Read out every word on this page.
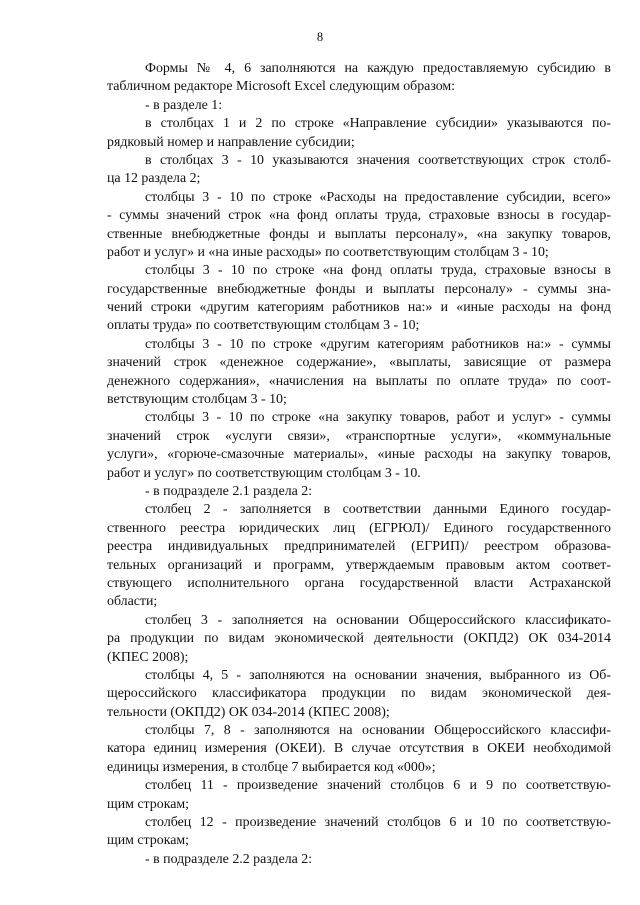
8
Формы № 4, 6 заполняются на каждую предоставляемую субсидию в
табличном редакторе Microsoft Excel следующим образом:
- в разделе 1:
в столбцах 1 и 2 по строке «Направление субсидии» указываются по-
рядковый номер и направление субсидии;
в столбцах 3 - 10 указываются значения соответствующих строк столб-
ца 12 раздела 2;
столбцы 3 - 10 по строке «Расходы на предоставление субсидии, всего»
- суммы значений строк «на фонд оплаты труда, страховые взносы в государ-
ственные внебюджетные фонды и выплаты персоналу», «на закупку товаров,
работ и услуг» и «на иные расходы» по соответствующим столбцам 3 - 10;
столбцы 3 - 10 по строке «на фонд оплаты труда, страховые взносы в
государственные внебюджетные фонды и выплаты персоналу» - суммы зна-
чений строки «другим категориям работников на:» и «иные расходы на фонд
оплаты труда» по соответствующим столбцам 3 - 10;
столбцы 3 - 10 по строке «другим категориям работников на:» - суммы
значений строк «денежное содержание», «выплаты, зависящие от размера
денежного содержания», «начисления на выплаты по оплате труда» по соот-
ветствующим столбцам 3 - 10;
столбцы 3 - 10 по строке «на закупку товаров, работ и услуг» - суммы
значений строк «услуги связи», «транспортные услуги», «коммунальные
услуги», «горюче-смазочные материалы», «иные расходы на закупку товаров,
работ и услуг» по соответствующим столбцам 3 - 10.
- в подразделе 2.1 раздела 2:
столбец 2 - заполняется в соответствии данными Единого государ-
ственного реестра юридических лиц (ЕГРЮЛ)/ Единого государственного
реестра индивидуальных предпринимателей (ЕГРИП)/ реестром образова-
тельных организаций и программ, утверждаемым правовым актом соответ-
ствующего исполнительного органа государственной власти Астраханской
области;
столбец 3 - заполняется на основании Общероссийского классификато-
ра продукции по видам экономической деятельности (ОКПД2) ОК 034-2014
(КПЕС 2008);
столбцы 4, 5 - заполняются на основании значения, выбранного из Об-
щероссийского классификатора продукции по видам экономической дея-
тельности (ОКПД2) ОК 034-2014 (КПЕС 2008);
столбцы 7, 8 - заполняются на основании Общероссийского классифи-
катора единиц измерения (ОКЕИ). В случае отсутствия в ОКЕИ необходимой
единицы измерения, в столбце 7 выбирается код «000»;
столбец 11 - произведение значений столбцов 6 и 9 по соответствую-
щим строкам;
столбец 12 - произведение значений столбцов 6 и 10 по соответствую-
щим строкам;
- в подразделе 2.2 раздела 2:
